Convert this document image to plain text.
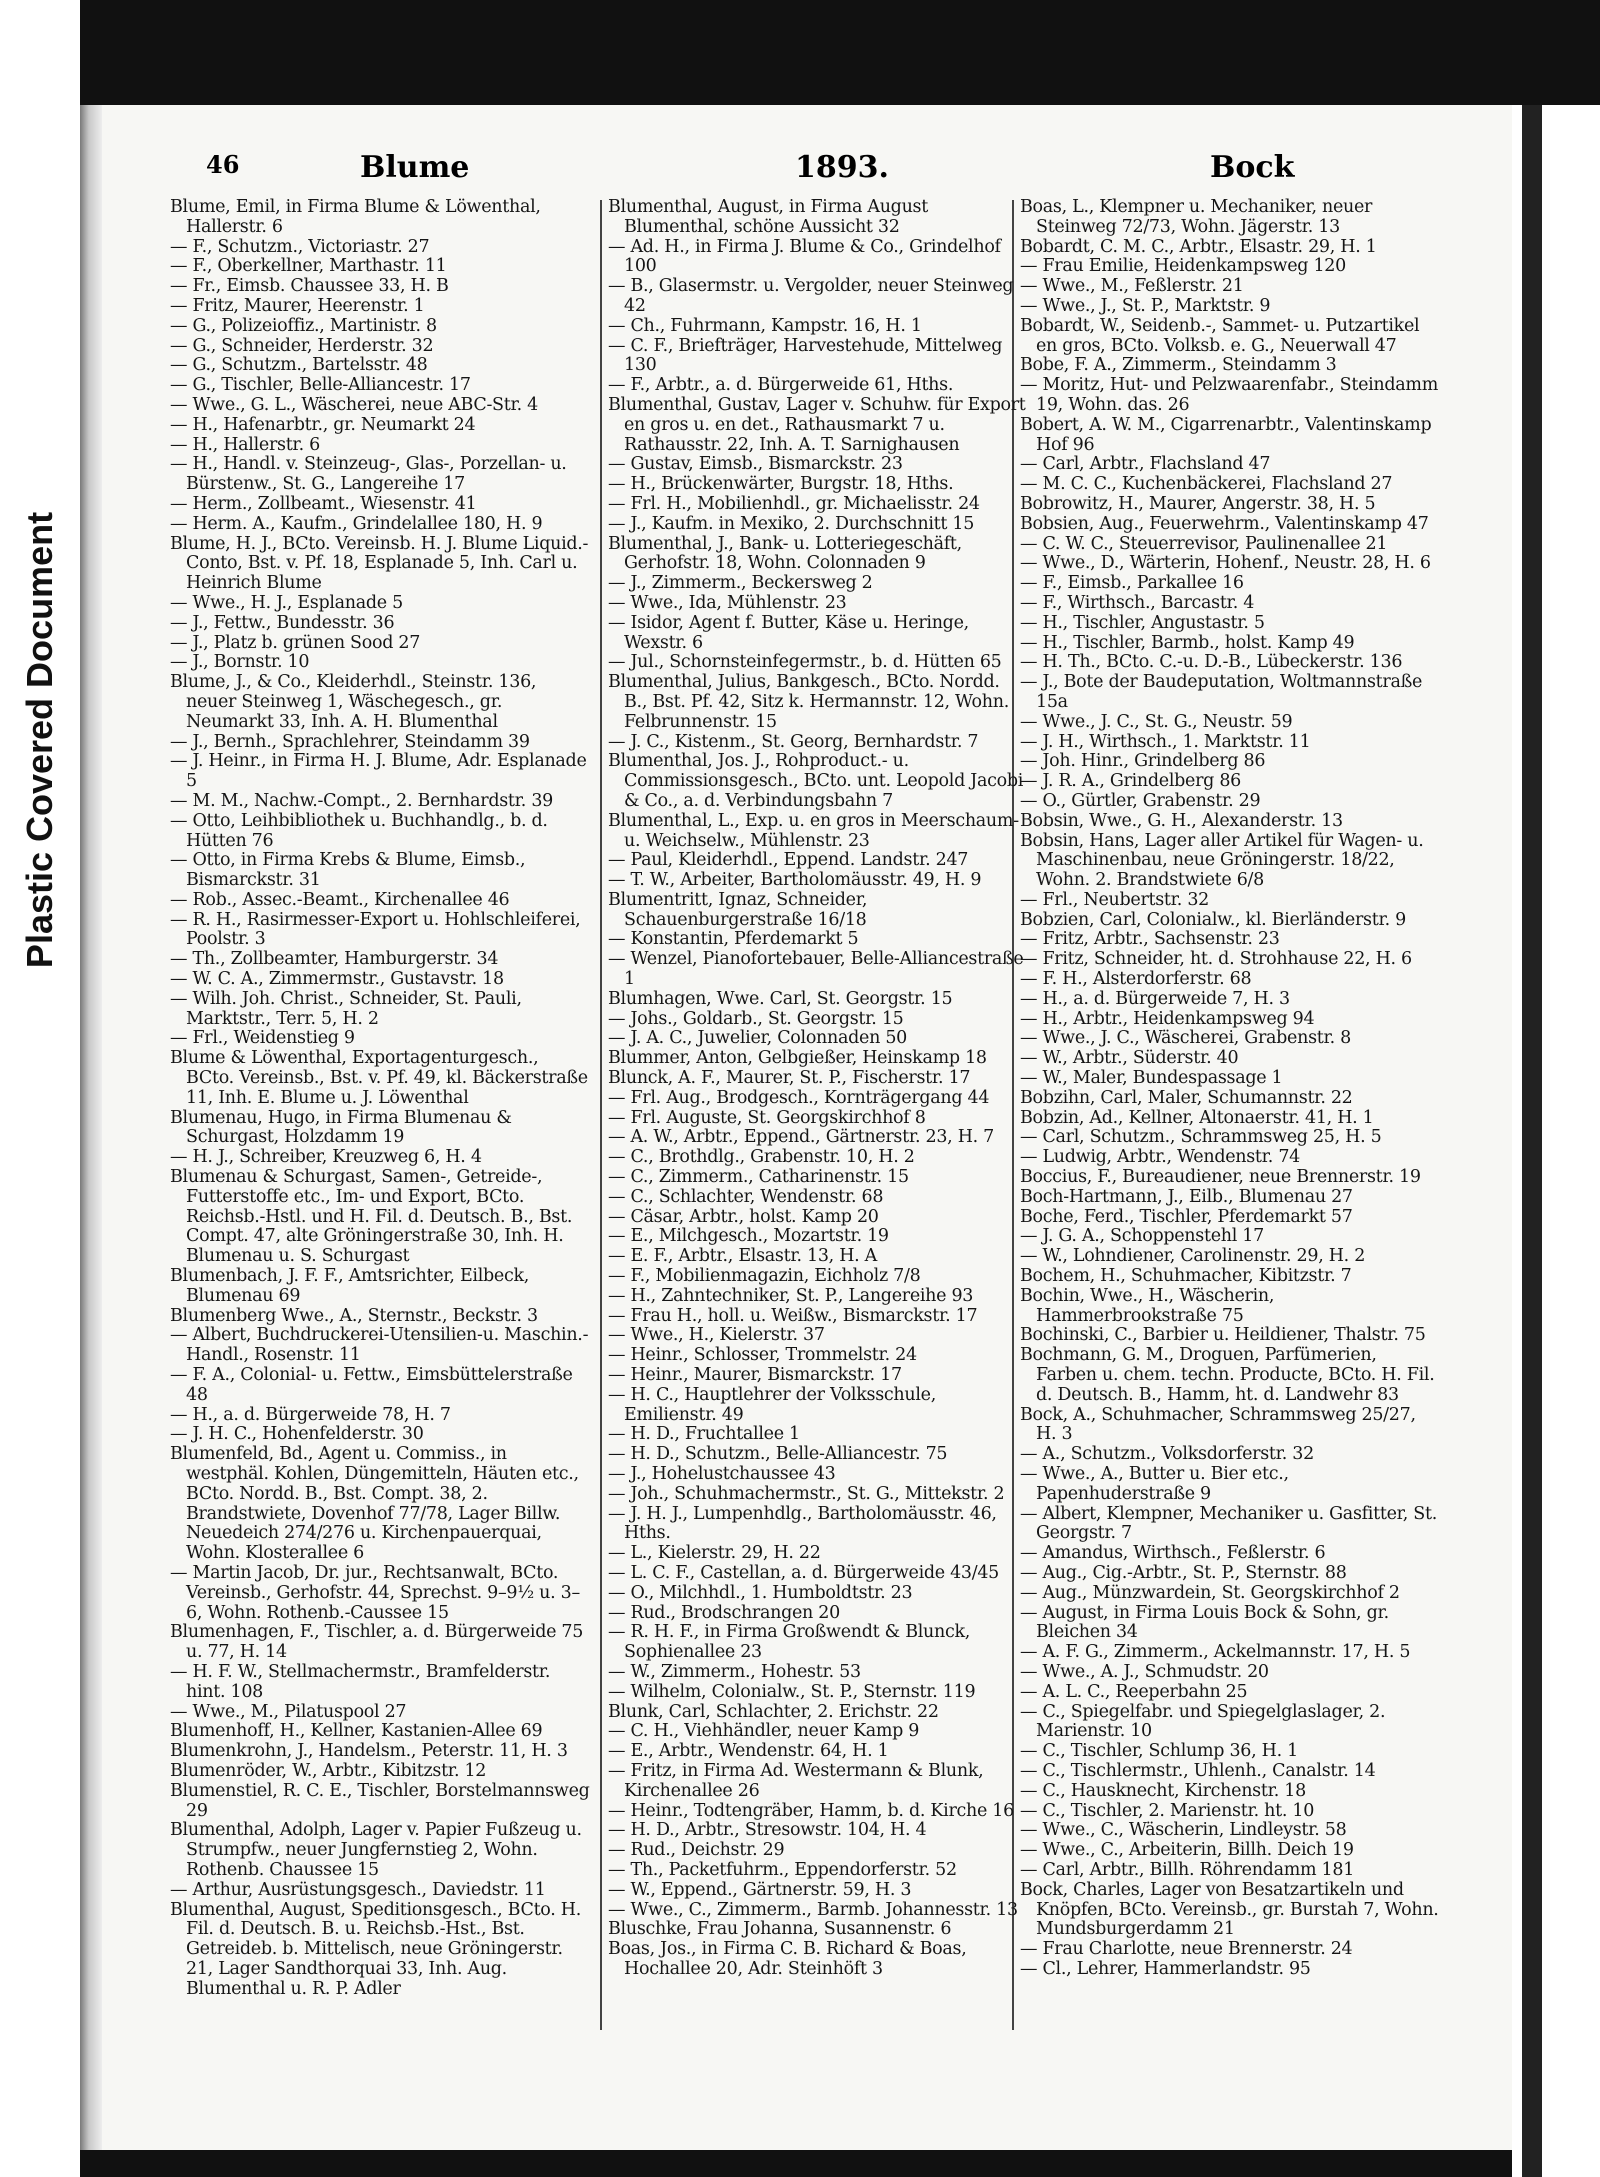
Plastic Covered Document
46	Blume	1893.	Bock

Blume, Emil, in Firma Blume & Löwenthal, Hallerstr. 6

— F., Schutzm., Victoriastr. 27

— F., Oberkellner, Marthastr. 11

— Fr., Eimsb. Chaussee 33, H. B

— Fritz, Maurer, Heerenstr. 1

— G., Polizeioffiz., Martinistr. 8

— G., Schneider, Herderstr. 32

— G., Schutzm., Bartelsstr. 48

— G., Tischler, Belle-Alliancestr. 17

— Wwe., G. L., Wäscherei, neue ABC-Str. 4

— H., Hafenarbtr., gr. Neumarkt 24

— H., Hallerstr. 6

— H., Handl. v. Steinzeug-, Glas-, Porzellan- u. Bürstenw., St. G., Langereihe 17

— Herm., Zollbeamt., Wiesenstr. 41

— Herm. A., Kaufm., Grindelallee 180, H. 9

Blume, H. J., BCto. Vereinsb. H. J. Blume Liquid.-Conto, Bst. v. Pf. 18, Esplanade 5, Inh. Carl u. Heinrich Blume

— Wwe., H. J., Esplanade 5

— J., Fettw., Bundesstr. 36

— J., Platz b. grünen Sood 27

— J., Bornstr. 10

Blume, J., & Co., Kleiderhdl., Steinstr. 136, neuer Steinweg 1, Wäschegesch., gr. Neumarkt 33, Inh. A. H. Blumenthal

— J., Bernh., Sprachlehrer, Steindamm 39

— J. Heinr., in Firma H. J. Blume, Adr. Esplanade 5

— M. M., Nachw.-Compt., 2. Bernhardstr. 39

— Otto, Leihbibliothek u. Buchhandlg., b. d. Hütten 76

— Otto, in Firma Krebs & Blume, Eimsb., Bismarckstr. 31

— Rob., Assec.-Beamt., Kirchenallee 46

— R. H., Rasirmesser-Export u. Hohlschleiferei, Poolstr. 3

— Th., Zollbeamter, Hamburgerstr. 34

— W. C. A., Zimmermstr., Gustavstr. 18

— Wilh. Joh. Christ., Schneider, St. Pauli, Marktstr., Terr. 5, H. 2

— Frl., Weidenstieg 9

Blume & Löwenthal, Exportagenturgesch., BCto. Vereinsb., Bst. v. Pf. 49, kl. Bäckerstraße 11, Inh. E. Blume u. J. Löwenthal

Blumenau, Hugo, in Firma Blumenau & Schurgast, Holzdamm 19

— H. J., Schreiber, Kreuzweg 6, H. 4

Blumenau & Schurgast, Samen-, Getreide-, Futterstoffe etc., Im- und Export, BCto. Reichsb.-Hstl. und H. Fil. d. Deutsch. B., Bst. Compt. 47, alte Gröningerstraße 30, Inh. H. Blumenau u. S. Schurgast

Blumenbach, J. F. F., Amtsrichter, Eilbeck, Blumenau 69

Blumenberg Wwe., A., Sternstr., Beckstr. 3

— Albert, Buchdruckerei-Utensilien-u. Maschin.-Handl., Rosenstr. 11

— F. A., Colonial- u. Fettw., Eimsbüttelerstraße 48

— H., a. d. Bürgerweide 78, H. 7

— J. H. C., Hohenfelderstr. 30

Blumenfeld, Bd., Agent u. Commiss., in westphäl. Kohlen, Düngemitteln, Häuten etc., BCto. Nordd. B., Bst. Compt. 38, 2. Brandstwiete, Dovenhof 77/78, Lager Billw. Neuedeich 274/276 u. Kirchenpauerquai, Wohn. Klosterallee 6

— Martin Jacob, Dr. jur., Rechtsanwalt, BCto. Vereinsb., Gerhofstr. 44, Sprechst. 9–9½ u. 3–6, Wohn. Rothenb.-Caussee 15

Blumenhagen, F., Tischler, a. d. Bürgerweide 75 u. 77, H. 14

— H. F. W., Stellmachermstr., Bramfelderstr. hint. 108

— Wwe., M., Pilatuspool 27

Blumenhoff, H., Kellner, Kastanien-Allee 69

Blumenkrohn, J., Handelsm., Peterstr. 11, H. 3

Blumenröder, W., Arbtr., Kibitzstr. 12

Blumenstiel, R. C. E., Tischler, Borstelmannsweg 29

Blumenthal, Adolph, Lager v. Papier Fußzeug u. Strumpfw., neuer Jungfernstieg 2, Wohn. Rothenb. Chaussee 15

— Arthur, Ausrüstungsgesch., Daviedstr. 11

Blumenthal, August, Speditionsgesch., BCto. H. Fil. d. Deutsch. B. u. Reichsb.-Hst., Bst. Getreideb. b. Mittelisch, neue Gröningerstr. 21, Lager Sandthorquai 33, Inh. Aug. Blumenthal u. R. P. Adler

Blumenthal, August, in Firma August Blumenthal, schöne Aussicht 32

— Ad. H., in Firma J. Blume & Co., Grindelhof 100

— B., Glasermstr. u. Vergolder, neuer Steinweg 42

— Ch., Fuhrmann, Kampstr. 16, H. 1

— C. F., Briefträger, Harvestehude, Mittelweg 130

— F., Arbtr., a. d. Bürgerweide 61, Hths.

Blumenthal, Gustav, Lager v. Schuhw. für Export en gros u. en det., Rathausmarkt 7 u. Rathausstr. 22, Inh. A. T. Sarnighausen

— Gustav, Eimsb., Bismarckstr. 23

— H., Brückenwärter, Burgstr. 18, Hths.

— Frl. H., Mobilienhdl., gr. Michaelisstr. 24

— J., Kaufm. in Mexiko, 2. Durchschnitt 15

Blumenthal, J., Bank- u. Lotteriegeschäft, Gerhofstr. 18, Wohn. Colonnaden 9

— J., Zimmerm., Beckersweg 2

— Wwe., Ida, Mühlenstr. 23

— Isidor, Agent f. Butter, Käse u. Heringe, Wexstr. 6

— Jul., Schornsteinfegermstr., b. d. Hütten 65

Blumenthal, Julius, Bankgesch., BCto. Nordd. B., Bst. Pf. 42, Sitz k. Hermannstr. 12, Wohn. Felbrunnenstr. 15

— J. C., Kistenm., St. Georg, Bernhardstr. 7

Blumenthal, Jos. J., Rohproduct.- u. Commissionsgesch., BCto. unt. Leopold Jacobi & Co., a. d. Verbindungsbahn 7

Blumenthal, L., Exp. u. en gros in Meerschaum- u. Weichselw., Mühlenstr. 23

— Paul, Kleiderhdl., Eppend. Landstr. 247

— T. W., Arbeiter, Bartholomäusstr. 49, H. 9

Blumentritt, Ignaz, Schneider, Schauenburgerstraße 16/18

— Konstantin, Pferdemarkt 5

— Wenzel, Pianofortebauer, Belle-Alliancestraße 1

Blumhagen, Wwe. Carl, St. Georgstr. 15

— Johs., Goldarb., St. Georgstr. 15

— J. A. C., Juwelier, Colonnaden 50

Blummer, Anton, Gelbgießer, Heinskamp 18

Blunck, A. F., Maurer, St. P., Fischerstr. 17

— Frl. Aug., Brodgesch., Kornträgergang 44

— Frl. Auguste, St. Georgskirchhof 8

— A. W., Arbtr., Eppend., Gärtnerstr. 23, H. 7

— C., Brothdlg., Grabenstr. 10, H. 2

— C., Zimmerm., Catharinenstr. 15

— C., Schlachter, Wendenstr. 68

— Cäsar, Arbtr., holst. Kamp 20

— E., Milchgesch., Mozartstr. 19

— E. F., Arbtr., Elsastr. 13, H. A

— F., Mobilienmagazin, Eichholz 7/8

— H., Zahntechniker, St. P., Langereihe 93

— Frau H., holl. u. Weißw., Bismarckstr. 17

— Wwe., H., Kielerstr. 37

— Heinr., Schlosser, Trommelstr. 24

— Heinr., Maurer, Bismarckstr. 17

— H. C., Hauptlehrer der Volksschule, Emilienstr. 49

— H. D., Fruchtallee 1

— H. D., Schutzm., Belle-Alliancestr. 75

— J., Hohelustchaussee 43

— Joh., Schuhmachermstr., St. G., Mittekstr. 2

— J. H. J., Lumpenhdlg., Bartholomäusstr. 46, Hths.

— L., Kielerstr. 29, H. 22

— L. C. F., Castellan, a. d. Bürgerweide 43/45

— O., Milchhdl., 1. Humboldtstr. 23

— Rud., Brodschrangen 20

— R. H. F., in Firma Großwendt & Blunck, Sophienallee 23

— W., Zimmerm., Hohestr. 53

— Wilhelm, Colonialw., St. P., Sternstr. 119

Blunk, Carl, Schlachter, 2. Erichstr. 22

— C. H., Viehhändler, neuer Kamp 9

— E., Arbtr., Wendenstr. 64, H. 1

— Fritz, in Firma Ad. Westermann & Blunk, Kirchenallee 26

— Heinr., Todtengräber, Hamm, b. d. Kirche 16

— H. D., Arbtr., Stresowstr. 104, H. 4

— Rud., Deichstr. 29

— Th., Packetfuhrm., Eppendorferstr. 52

— W., Eppend., Gärtnerstr. 59, H. 3

— Wwe., C., Zimmerm., Barmb. Johannesstr. 13

Bluschke, Frau Johanna, Susannenstr. 6

Boas, Jos., in Firma C. B. Richard & Boas, Hochallee 20, Adr. Steinhöft 3

Boas, L., Klempner u. Mechaniker, neuer Steinweg 72/73, Wohn. Jägerstr. 13

Bobardt, C. M. C., Arbtr., Elsastr. 29, H. 1

— Frau Emilie, Heidenkampsweg 120

— Wwe., M., Feßlerstr. 21

— Wwe., J., St. P., Marktstr. 9

Bobardt, W., Seidenb.-, Sammet- u. Putzartikel en gros, BCto. Volksb. e. G., Neuerwall 47

Bobe, F. A., Zimmerm., Steindamm 3

— Moritz, Hut- und Pelzwaarenfabr., Steindamm 19, Wohn. das. 26

Bobert, A. W. M., Cigarrenarbtr., Valentinskamp Hof 96

— Carl, Arbtr., Flachsland 47

— M. C. C., Kuchenbäckerei, Flachsland 27

Bobrowitz, H., Maurer, Angerstr. 38, H. 5

Bobsien, Aug., Feuerwehrm., Valentinskamp 47

— C. W. C., Steuerrevisor, Paulinenallee 21

— Wwe., D., Wärterin, Hohenf., Neustr. 28, H. 6

— F., Eimsb., Parkallee 16

— F., Wirthsch., Barcastr. 4

— H., Tischler, Angustastr. 5

— H., Tischler, Barmb., holst. Kamp 49

— H. Th., BCto. C.-u. D.-B., Lübeckerstr. 136

— J., Bote der Baudeputation, Woltmannstraße 15a

— Wwe., J. C., St. G., Neustr. 59

— J. H., Wirthsch., 1. Marktstr. 11

— Joh. Hinr., Grindelberg 86

— J. R. A., Grindelberg 86

— O., Gürtler, Grabenstr. 29

Bobsin, Wwe., G. H., Alexanderstr. 13

Bobsin, Hans, Lager aller Artikel für Wagen- u. Maschinenbau, neue Gröningerstr. 18/22, Wohn. 2. Brandstwiete 6/8

— Frl., Neubertstr. 32

Bobzien, Carl, Colonialw., kl. Bierländerstr. 9

— Fritz, Arbtr., Sachsenstr. 23

— Fritz, Schneider, ht. d. Strohhause 22, H. 6

— F. H., Alsterdorferstr. 68

— H., a. d. Bürgerweide 7, H. 3

— H., Arbtr., Heidenkampsweg 94

— Wwe., J. C., Wäscherei, Grabenstr. 8

— W., Arbtr., Süderstr. 40

— W., Maler, Bundespassage 1

Bobzihn, Carl, Maler, Schumannstr. 22

Bobzin, Ad., Kellner, Altonaerstr. 41, H. 1

— Carl, Schutzm., Schrammsweg 25, H. 5

— Ludwig, Arbtr., Wendenstr. 74

Boccius, F., Bureaudiener, neue Brennerstr. 19

Boch-Hartmann, J., Eilb., Blumenau 27

Boche, Ferd., Tischler, Pferdemarkt 57

— J. G. A., Schoppenstehl 17

— W., Lohndiener, Carolinenstr. 29, H. 2

Bochem, H., Schuhmacher, Kibitzstr. 7

Bochin, Wwe., H., Wäscherin, Hammerbrookstraße 75

Bochinski, C., Barbier u. Heildiener, Thalstr. 75

Bochmann, G. M., Droguen, Parfümerien, Farben u. chem. techn. Producte, BCto. H. Fil. d. Deutsch. B., Hamm, ht. d. Landwehr 83

Bock, A., Schuhmacher, Schrammsweg 25/27, H. 3

— A., Schutzm., Volksdorferstr. 32

— Wwe., A., Butter u. Bier etc., Papenhuderstraße 9

— Albert, Klempner, Mechaniker u. Gasfitter, St. Georgstr. 7

— Amandus, Wirthsch., Feßlerstr. 6

— Aug., Cig.-Arbtr., St. P., Sternstr. 88

— Aug., Münzwardein, St. Georgskirchhof 2

— August, in Firma Louis Bock & Sohn, gr. Bleichen 34

— A. F. G., Zimmerm., Ackelmannstr. 17, H. 5

— Wwe., A. J., Schmudstr. 20

— A. L. C., Reeperbahn 25

— C., Spiegelfabr. und Spiegelglaslager, 2. Marienstr. 10

— C., Tischler, Schlump 36, H. 1

— C., Tischlermstr., Uhlenh., Canalstr. 14

— C., Hausknecht, Kirchenstr. 18

— C., Tischler, 2. Marienstr. ht. 10

— Wwe., C., Wäscherin, Lindleystr. 58

— Wwe., C., Arbeiterin, Billh. Deich 19

— Carl, Arbtr., Billh. Röhrendamm 181

Bock, Charles, Lager von Besatzartikeln und Knöpfen, BCto. Vereinsb., gr. Burstah 7, Wohn. Mundsburgerdamm 21

— Frau Charlotte, neue Brennerstr. 24

— Cl., Lehrer, Hammerlandstr. 95
